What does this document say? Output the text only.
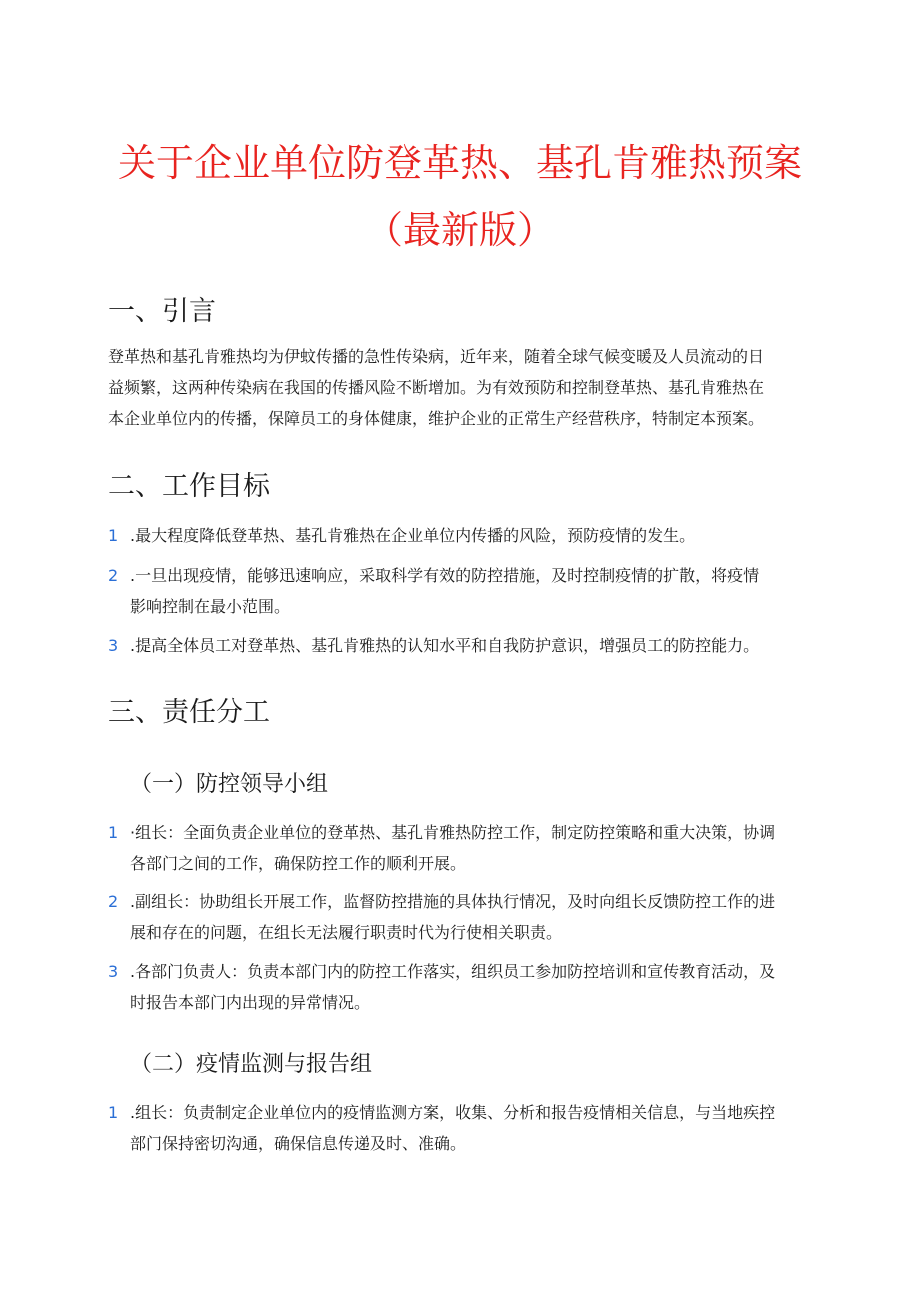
关于企业单位防登革热、基孔肯雅热预案
（最新版）
一、引言
登革热和基孔肯雅热均为伊蚊传播的急性传染病，近年来，随着全球气候变暖及人员流动的日
益频繁，这两种传染病在我国的传播风险不断增加。为有效预防和控制登革热、基孔肯雅热在
本企业单位内的传播，保障员工的身体健康，维护企业的正常生产经营秩序，特制定本预案。
二、工作目标
1 .最大程度降低登革热、基孔肯雅热在企业单位内传播的风险，预防疫情的发生。
2 .一旦出现疫情，能够迅速响应，采取科学有效的防控措施，及时控制疫情的扩散，将疫情
影响控制在最小范围。
3 .提高全体员工对登革热、基孔肯雅热的认知水平和自我防护意识，增强员工的防控能力。
三、责任分工
（一）防控领导小组
1 ·组长：全面负责企业单位的登革热、基孔肯雅热防控工作，制定防控策略和重大决策，协调
各部门之间的工作，确保防控工作的顺利开展。
2 .副组长：协助组长开展工作，监督防控措施的具体执行情况，及时向组长反馈防控工作的进
展和存在的问题，在组长无法履行职责时代为行使相关职责。
3 .各部门负责人：负责本部门内的防控工作落实，组织员工参加防控培训和宣传教育活动，及
时报告本部门内出现的异常情况。
（二）疫情监测与报告组
1 .组长：负责制定企业单位内的疫情监测方案，收集、分析和报告疫情相关信息，与当地疾控
部门保持密切沟通，确保信息传递及时、准确。
